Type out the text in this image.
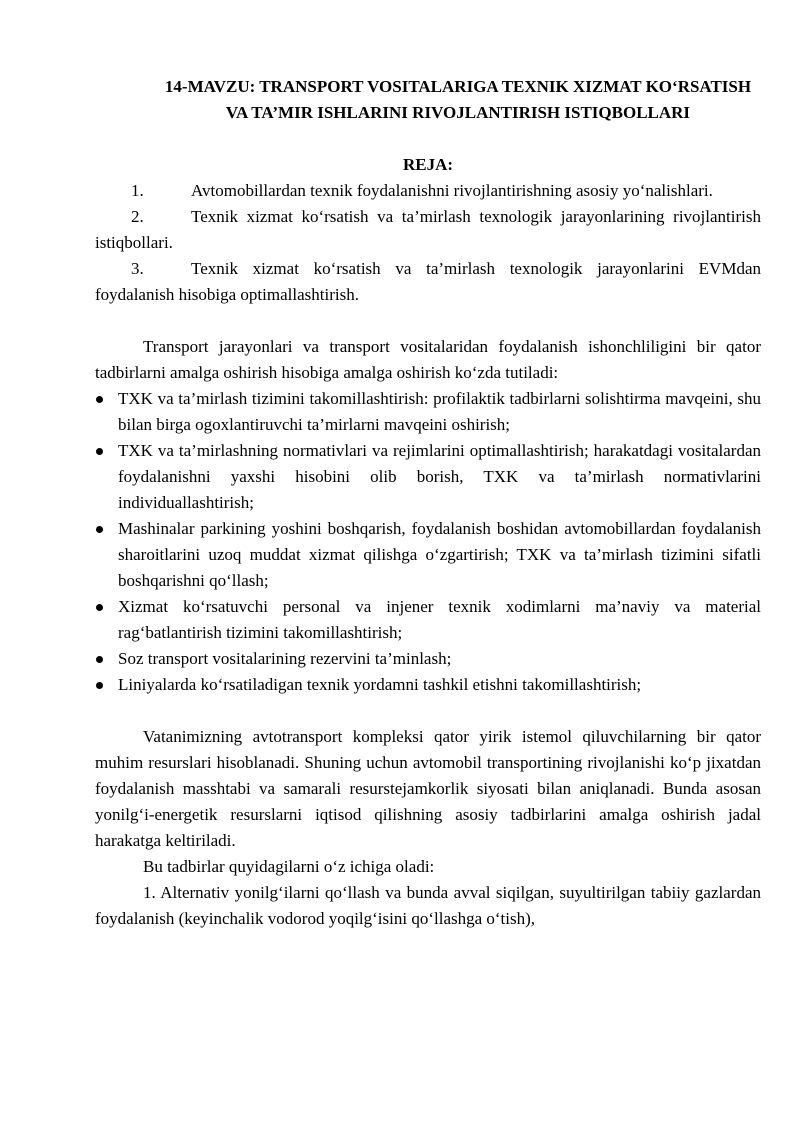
14-MAVZU: TRANSPORT VOSITALARIGA TEXNIK XIZMAT KO‘RSATISH VA TA’MIR ISHLARINI RIVOJLANTIRISH ISTIQBOLLARI
REJA:

1.	Avtomobillardan texnik foydalanishni rivojlantirishning asosiy yo‘nalishlari.

2.	Texnik xizmat ko‘rsatish va ta’mirlash texnologik jarayonlarining rivojlantirish istiqbollari.

3.	Texnik xizmat ko‘rsatish va ta’mirlash texnologik jarayonlarini EVMdan foydalanish hisobiga optimallashtirish.

Transport jarayonlari va transport vositalaridan foydalanish ishonchliligini bir qator tadbirlarni amalga oshirish hisobiga amalga oshirish ko‘zda tutiladi:

TXK va ta’mirlash tizimini takomillashtirish: profilaktik tadbirlarni solishtirma mavqeini, shu bilan birga ogoxlantiruvchi ta’mirlarni mavqeini oshirish;
TXK va ta’mirlashning normativlari va rejimlarini optimallashtirish; harakatdagi vositalardan foydalanishni yaxshi hisobini olib borish, TXK va ta’mirlash normativlarini individuallashtirish;
Mashinalar parkining yoshini boshqarish, foydalanish boshidan avtomobillardan foydalanish sharoitlarini uzoq muddat xizmat qilishga o‘zgartirish; TXK va ta’mirlash tizimini sifatli boshqarishni qo‘llash;
Xizmat ko‘rsatuvchi personal va injener texnik xodimlarni ma’naviy va material rag‘batlantirish tizimini takomillashtirish;
Soz transport vositalarining rezervini ta’minlash;
Liniyalarda ko‘rsatiladigan texnik yordamni tashkil etishni takomillashtirish;

Vatanimizning avtotransport kompleksi qator yirik istemol qiluvchilarning bir qator muhim resurslari hisoblanadi. Shuning uchun avtomobil transportining rivojlanishi ko‘p jixatdan foydalanish masshtabi va samarali resurstejamkorlik siyosati bilan aniqlanadi. Bunda asosan yonilg‘i-energetik resurslarni iqtisod qilishning asosiy tadbirlarini amalga oshirish jadal harakatga keltiriladi.

Bu tadbirlar quyidagilarni o‘z ichiga oladi:

1. Alternativ yonilg‘ilarni qo‘llash va bunda avval siqilgan, suyultirilgan tabiiy gazlardan foydalanish (keyinchalik vodorod yoqilg‘isini qo‘llashga o‘tish),
